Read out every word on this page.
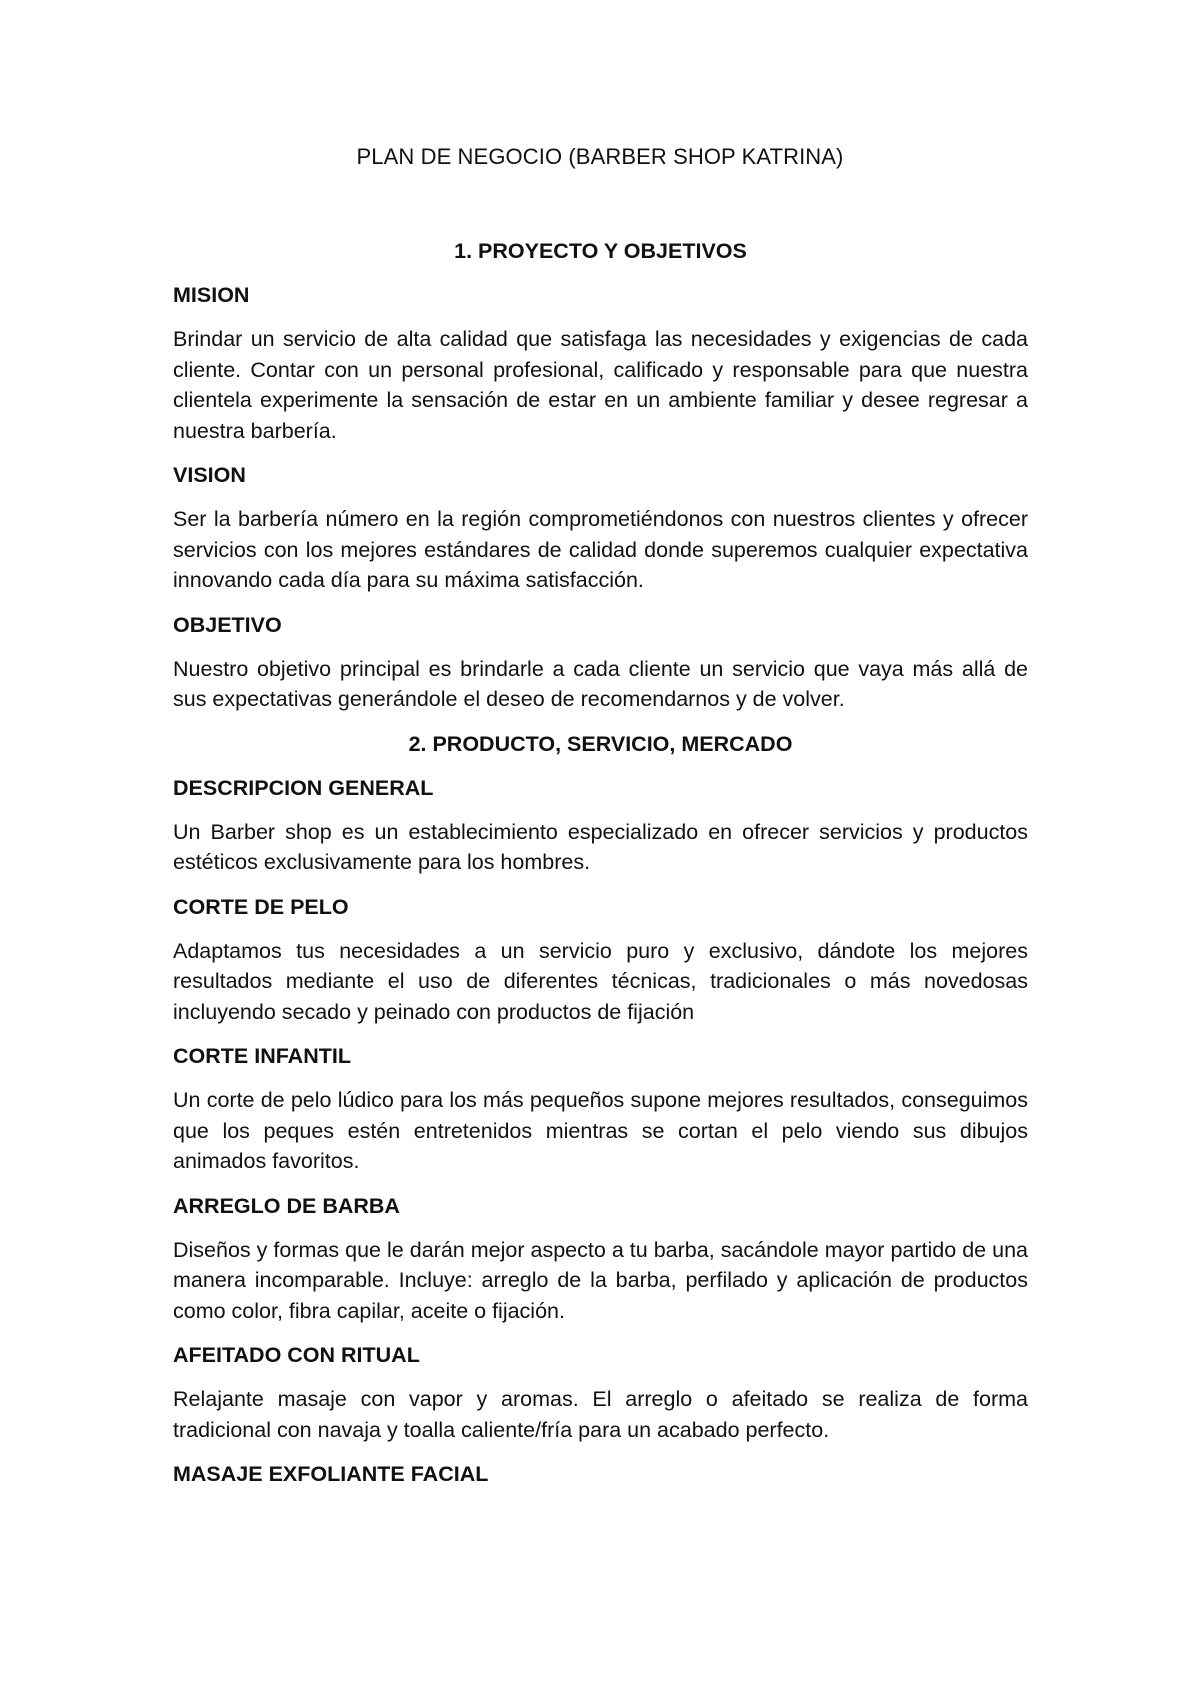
PLAN DE NEGOCIO (BARBER SHOP KATRINA)
1. PROYECTO Y OBJETIVOS
MISION

Brindar un servicio de alta calidad que satisfaga las necesidades y exigencias de cada cliente. Contar con un personal profesional, calificado y responsable para que nuestra clientela experimente la sensación de estar en un ambiente familiar y desee regresar a nuestra barbería.

VISION

Ser la barbería número en la región comprometiéndonos con nuestros clientes y ofrecer servicios con los mejores estándares de calidad donde superemos cualquier expectativa innovando cada día para su máxima satisfacción.

OBJETIVO

Nuestro objetivo principal es brindarle a cada cliente un servicio que vaya más allá de sus expectativas generándole el deseo de recomendarnos y de volver.

2. PRODUCTO, SERVICIO, MERCADO
DESCRIPCION GENERAL

Un Barber shop es un establecimiento especializado en ofrecer servicios y productos estéticos exclusivamente para los hombres.

CORTE DE PELO

Adaptamos tus necesidades a un servicio puro y exclusivo, dándote los mejores resultados mediante el uso de diferentes técnicas, tradicionales o más novedosas incluyendo secado y peinado con productos de fijación

CORTE INFANTIL

Un corte de pelo lúdico para los más pequeños supone mejores resultados, conseguimos que los peques estén entretenidos mientras se cortan el pelo viendo sus dibujos animados favoritos.

ARREGLO DE BARBA

Diseños y formas que le darán mejor aspecto a tu barba, sacándole mayor partido de una manera incomparable. Incluye: arreglo de la barba, perfilado y aplicación de productos como color, fibra capilar, aceite o fijación.

AFEITADO CON RITUAL

Relajante masaje con vapor y aromas. El arreglo o afeitado se realiza de forma tradicional con navaja y toalla caliente/fría para un acabado perfecto.

MASAJE EXFOLIANTE FACIAL
